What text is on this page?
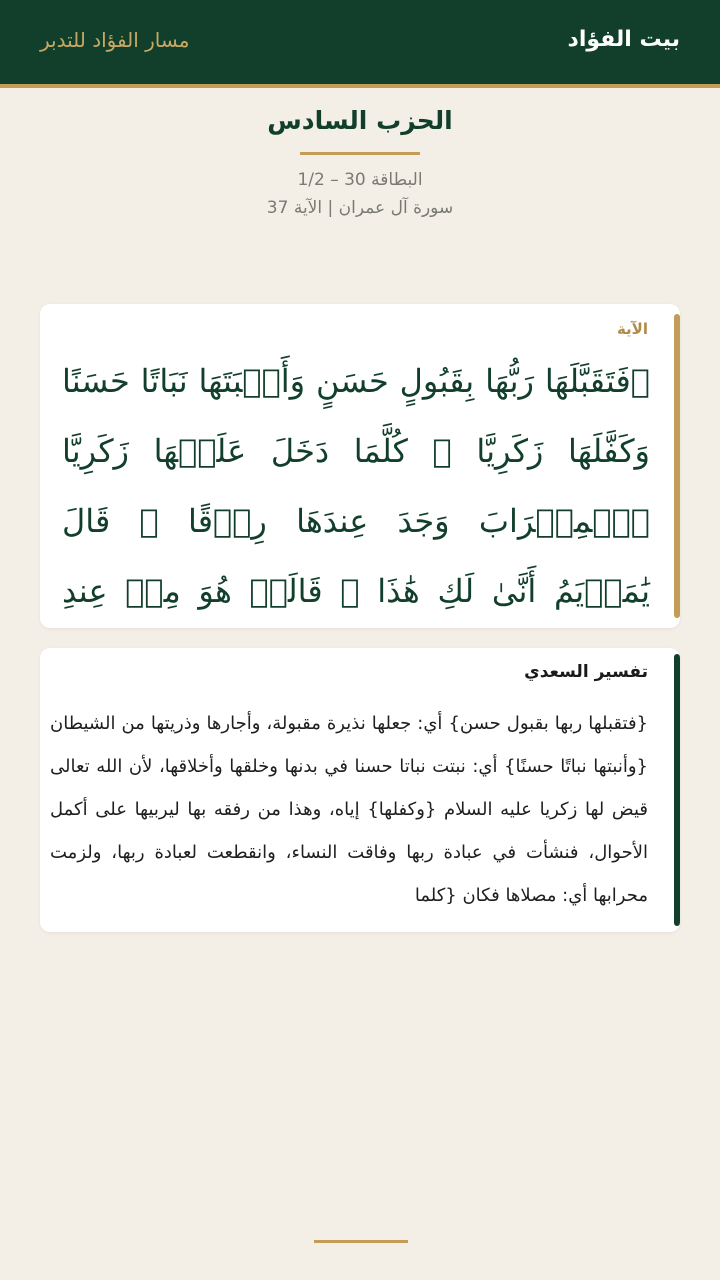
بيت الفؤاد
مسار الفؤاد للتدبر
الحزب السادس
البطاقة 30 – 1/2
سورة آل عمران | الآية 37
الآية
﴿فَتَقَبَّلَهَا رَبُّهَا بِقَبُولٍ حَسَنٍ وَأَنۢبَتَهَا نَبَاتًا حَسَنًا وَكَفَّلَهَا زَكَرِيَّا ۖ كُلَّمَا دَخَلَ عَلَيۡهَا زَكَرِيَّا ٱلۡمِحۡرَابَ وَجَدَ عِندَهَا رِزۡقًا ۖ قَالَ يَٰمَرۡيَمُ أَنَّىٰ لَكِ هَٰذَا ۖ قَالَتۡ هُوَ مِنۡ عِندِ
تفسير السعدي
{فتقبلها ربها بقبول حسن} أي: جعلها نذيرة مقبولة، وأجارها وذريتها من الشيطان {وأنبتها نباتًا حسنًا} أي: نبتت نباتا حسنا في بدنها وخلقها وأخلاقها، لأن الله تعالى قيض لها زكريا عليه السلام {وكفلها} إياه، وهذا من رفقه بها ليربيها على أكمل الأحوال، فنشأت في عبادة ربها وفاقت النساء، وانقطعت لعبادة ربها، ولزمت محرابها أي: مصلاها فكان {كلما
